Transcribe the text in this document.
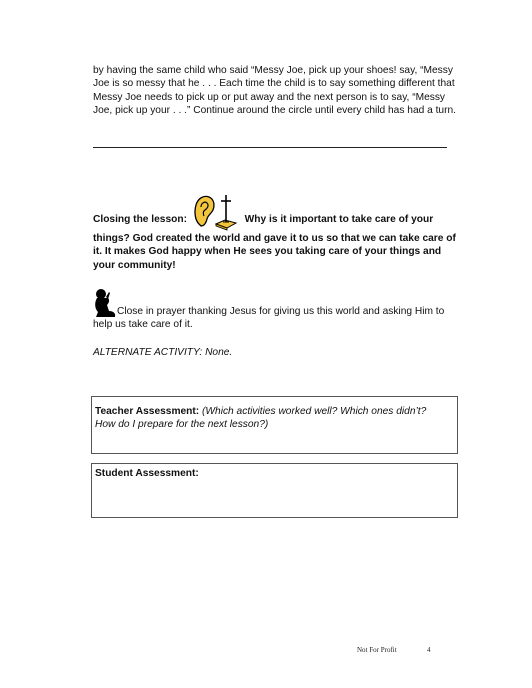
by having the same child who said “Messy Joe, pick up your shoes! say, “Messy
Joe is so messy that he . . . Each time the child is to say something different that
Messy Joe needs to pick up or put away and the next person is to say, “Messy
Joe, pick up your . . .” Continue around the circle until every child has had a turn.
Closing the lesson:	Why is it important to take care of your
things? God created the world and gave it to us so that we can take care of
it. It makes God happy when He sees you taking care of your things and
your community!
Close in prayer thanking Jesus for giving us this world and asking Him to
help us take care of it.
ALTERNATE ACTIVITY: None.
Teacher Assessment: (Which activities worked well? Which ones didn’t?
How do I prepare for the next lesson?)
Student Assessment:
Not For Profit	4
